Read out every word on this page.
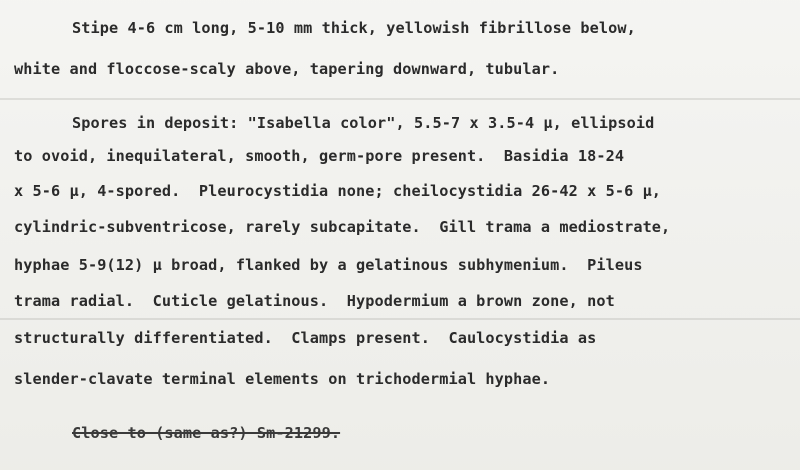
Stipe 4-6 cm long, 5-10 mm thick, yellowish fibrillose below,
white and floccose-scaly above, tapering downward, tubular.
Spores in deposit: "Isabella color", 5.5-7 x 3.5-4 µ, ellipsoid
to ovoid, inequilateral, smooth, germ-pore present.  Basidia 18-24
x 5-6 µ, 4-spored.  Pleurocystidia none; cheilocystidia 26-42 x 5-6 µ,
cylindric-subventricose, rarely subcapitate.  Gill trama a mediostrate,
hyphae 5-9(12) µ broad, flanked by a gelatinous subhymenium.  Pileus
trama radial.  Cuticle gelatinous.  Hypodermium a brown zone, not
structurally differentiated.  Clamps present.  Caulocystidia as
slender-clavate terminal elements on trichodermial hyphae.
Close to (same as?) Sm-21299.
